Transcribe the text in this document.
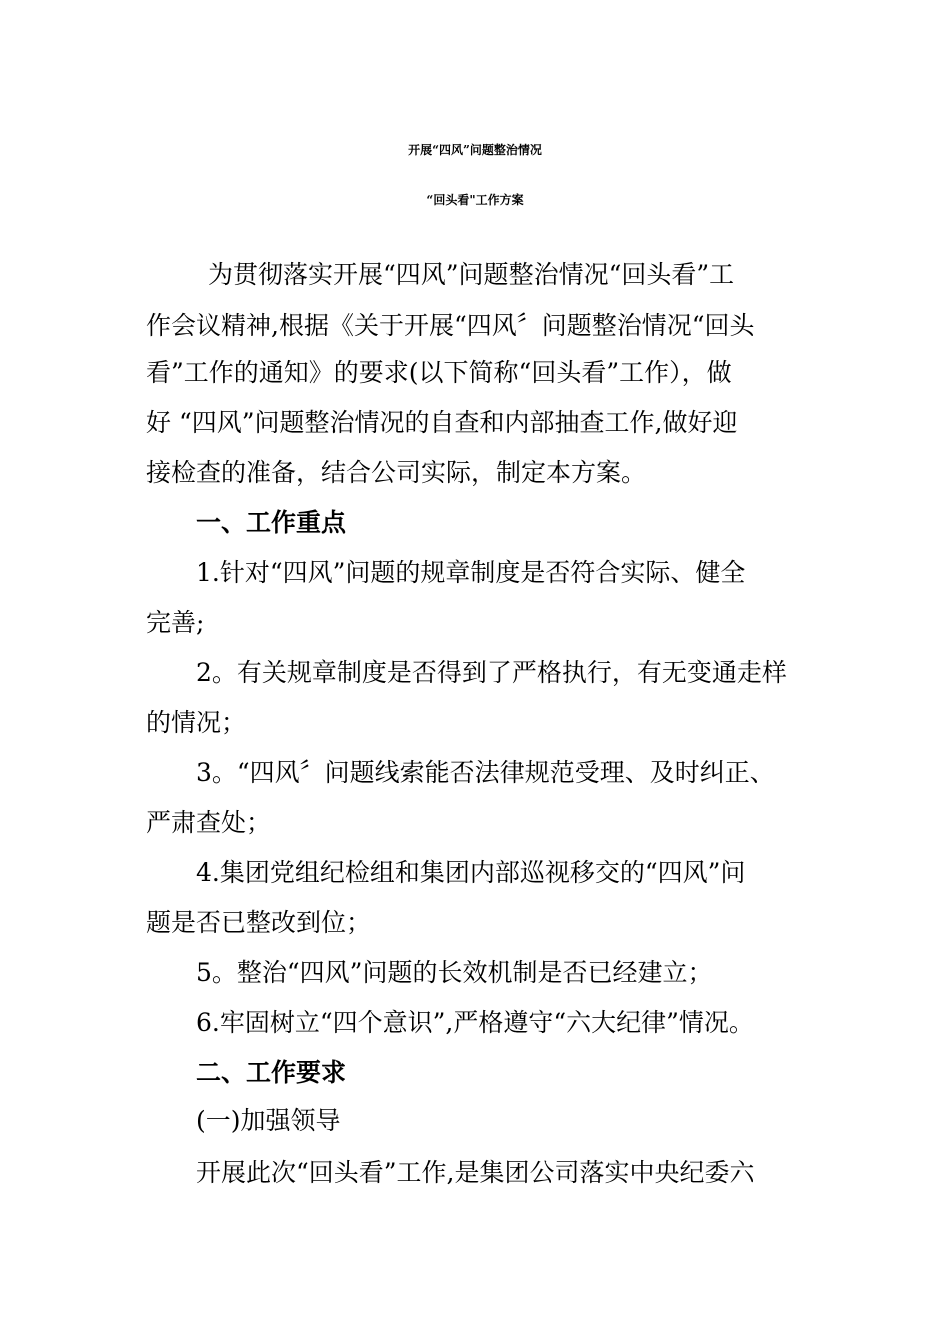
开展“四风”问题整治情况
“回头看"工作方案
为贯彻落实开展“四风”问题整治情况“回头看”工
作会议精神,根据《关于开展“四风〞问题整治情况“回头
看”工作的通知》的要求(以下简称“回头看”工作），做
好 “四风”问题整治情况的自查和内部抽查工作,做好迎
接检查的准备，结合公司实际，制定本方案。
一、工作重点
1.针对“四风”问题的规章制度是否符合实际、健全
完善;
2。有关规章制度是否得到了严格执行，有无变通走样
的情况；
3。“四风〞问题线索能否法律规范受理、及时纠正、
严肃查处；
4.集团党组纪检组和集团内部巡视移交的“四风”问
题是否已整改到位；
5。整治“四风”问题的长效机制是否已经建立；
6.牢固树立“四个意识”,严格遵守“六大纪律”情况。
二、工作要求
(一)加强领导
开展此次“回头看”工作,是集团公司落实中央纪委六
